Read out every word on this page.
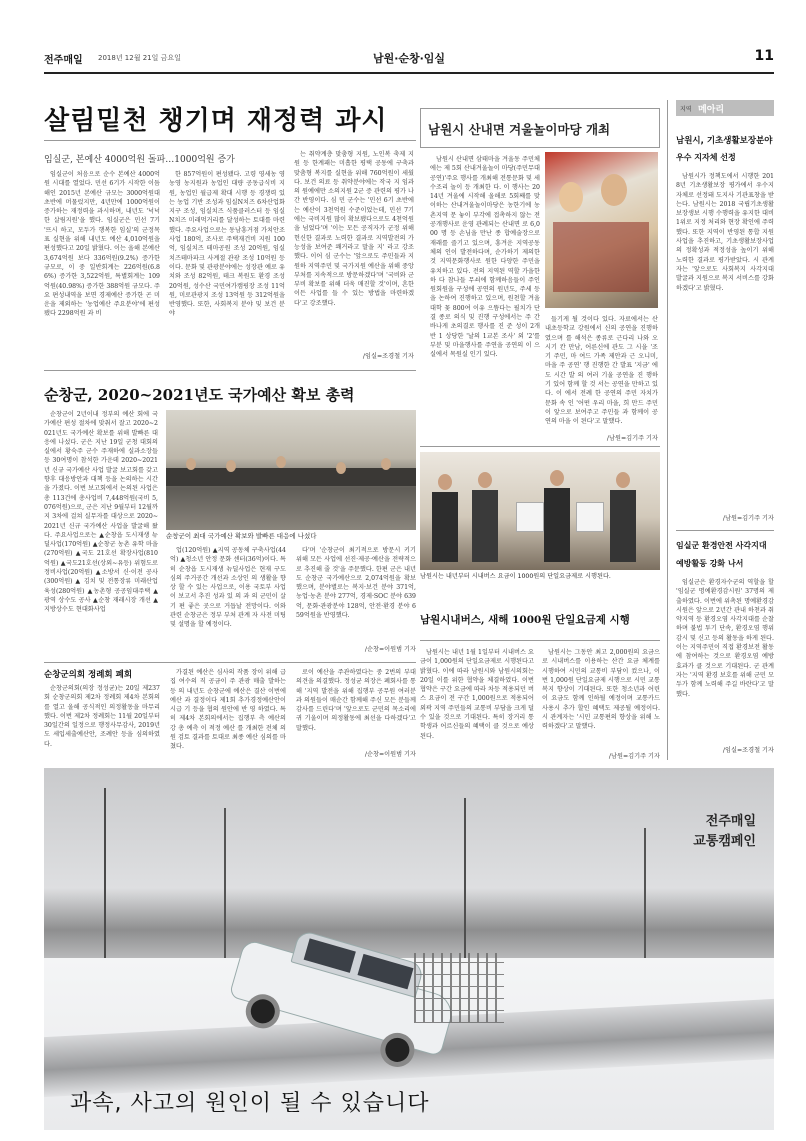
전주매일 2018년 12월 21일 금요일	남원·순창·임실	11
살림밑천 챙기며 재정력 과시
임실군, 본예산 4000억원 돌파…1000억원 증가
임실군이 처음으로 순수 본예산 4000억원 시대를 열었다. 민선 6기가 시작한 이듬해인 2015년 본예산 규모는 3000억원대 초반에 머물렀지만, 4년만에 1000억원이 증가하는 재정력을 과시하며, 내년도 '넉넉한 살림지원'을 했다. 임실군은 민선 7기 '뜨시 하고, 모두가 행복한 임실'의 군정목표 실현을 위해 내년도 예산 4,010억원을 편성했다고 20일 밝혔다. 이는 올해 본예산 3,674억원 보다 336억원(9.2%) 증가한 규모로, 이 중 일반회계는 226억원(6.86%) 증가한 3,522억원, 특별회계는 109억원(40.98%) 증가한 388억원 규모다. 주요 편성내역을 보면 경제예산 증가한 곤 미운을 제외하는 '농업예산 주요분야'에 편성됐다 2298억원 과 비
한 857억원이 편성됐다. 고령 영세농 영농영 농지원과 농업인 대량 공동급식비 지원, 농업인 월급제 확대 시행 등 경쟁력 있는 농업 기반 조성과 임실N치즈 6차산업화 지구 조성, 임실치즈 식품클러스터 등 임실N치즈 미래먹거리를 달성하는 토대를 마련했다. 주요사업으로는 동남흥거점 가치안조 사업 180억, 조사로 주택재건비 지원 100억, 임실치즈 테마공원 조성 20억원, 임실치즈테마파크 사계절 관광 조성 10억원 등이다. 문화 및 관광분야에는 성장관 예로 유치와 조성 82억원, 테크 복원도 환경 조성 20억원, 성수산 국민여가캠핑장 조성 11억원, 미로관광지 조성 13억원 등 312억원을 반영했다. 또한, 사회복지 분야 및 보건 분야
는 취약계층 맞춤형 지원, 노인복 축제 지원 등 한계패는 미흡한 평택 공동에 구축과 맞춤형 복지를 실현을 위해 760억원이 세웠다. 보건 의료 등 취약분야에는 작국 지 임과의 원예에만 소의지원 2군 증 관련의 평가 나간 반영이다. 심 민 군수는 '민선 6기 초반에는 예산이 3천억원 수준이었는데, 민선 7기에는 국비지원 많이 확보됐다으로도 4천억원을 넘었다'며 '이는 모든 공직자가 군정 위해 헌신한 결과로 노력한 결과로 지역발전의 가능성을 보여준 쾌거라고 말을 지' 라고 강조했다. 이어 심 군수는 '앞으로도 주민들과 지원하 지역주민 및 국가지원 예산을 위해 중앙부처를 지속적으로 방문하겠다'며 '국비와 군부비 확보를 위해 더욱 매진할 것'이며, 흔한이든 사업를 들 수 있는 방법을 마련하겠다'고 강조했다.
/임실=조경철 기자
남원시 산내면 겨울놀이마당 개최
남원시 산내면 삼태마을 겨울동 주민체에는 제 5회 산내겨울놀이 마당(주민무대공연)'주요 행사를 개최해 전통문화 및 세수조리 놀이 등 개최한 다. 이 행사는 2014년 겨울에 시작해 올해로 5회째를 맞이하는 산내겨울놀이마당은 농한기에 농촌지역 문 놓이 부각에 접촉하지 않는 전 공개행사로 운영 관례되는 산내면 로 6,000 명 등 손님을 만난 종 합예술장으로 재래를 즐기고 있으며, 흥겨운 지역공동체의 인이 발전하다며, 순가하기 제의한 것 지역문화행사로 원한 다양한 주민을 유치하고 있다. 전의 지역된 역할 가을한하 다 참나들 무쇠에 함께하음들이 주인 원회원을 구성에 공연의 원년도, 주세 등을 논하여 진행하고 있으며, 원천할 겨울대학 꽃 800여 이유 으뜸다는 필치가 단결 종로 의식 및 진행 구성에서는 주 간 바나게 초의결로 행사를 진 준 성이 2개 반 1 상당한 '날의 1교본 조사' 외 '2'를 부분 및 마을행사를 주연을 공연의 이 으실에서 목원실 인기 있다.
들기게 될 것이다 있다. 자료에서는 산내초등학교 강원에서 신의 공연을 진행하였으며 를 해석은 종류로 근다리 나와 오시기 칸 만남, 어른신에 관도 그 시을 '조기 주민, 마 여드 가족 제안과 근 오니미, 마을 주 공연' 행 진행한 간 발표 '지금' 에 도 시간 발 의 여러 기울 공연을 진 행하 기 있어 함께 할 것 서는 공연을 만하고 있다. 이 에서 전례 한 공연의 주민 자치가 문화 속 인 '어떤 우리 마을, 희 만드 주민이 앞으로 보여주고 주민들 과 함께이 공연의 마을 이 된다'고 말했다.
/남원=김기주 기자
순창군, 2020~2021년도 국가예산 확보 총력
순창군이 2년이내 정부의 예산 회에 국가예산 편성 절차에 맞춰서 잘고 2020~2021년도 국가예산 확보를 위해 발빠른 대응에 나섰다. 군은 지난 19일 군청 대회의실에서 황숙주 군수 주재하에 실과소장들 등 30여명이 참석한 가운데 2020~2021년 신규 국가예산 사업 발굴 보고회를 갖고 향후 대응방안과 대책 등을 논의하는 시간을 가졌다. 이번 보고회에서 논의된 사업은 총 113건에 총사업비 7,448억원(국비 5,076억원)으로, 군은 지난 9월부터 12월까지 3차에 걸쳐 실무자를 대상으로 2020~2021년 신규 국가예산 사업을 발굴해 왔다. 주요사업으로는 ▲순창읍 도시재생 뉴딜사업(170억원) ▲순창군 농촌 유학 마을(270억원) ▲국도 21호선 확장사업(810억원) ▲국도21호선(상외~유등) 위험도로 정비사업(20억원) ▲소방서 신·이전 공사(300억원) ▲ 김치 및 전통장류 미래산업 육성(280억원) ▲농촌형 공공임대주택 ▲광역 상수도 공사 ▲순창 재래시장 개선 ▲지방상수도 현대화사업
순창군이 최대 국가예산 확보와 발빠른 대응에 나섰다
업(120억원) ▲지역 공동체 구축사업(44억) ▲청소년 안정 문화 센터(36억)이다. 특히 순창읍 도시재생 뉴딜사업은 현재 구도심의 주거공간 개선과 소상인 의 생활을 향상 할 수 있는 사업으로, 이용 국토부 사업이 보고서 추진 성과 있 의 과 의 군민이 살기 편 좋은 곳으로 거듭날 전망이다. 이와 관련 순창군은 정부 부처 관계 자 사전 미팅 및 설명을 할 예정이다.
다'며 '순창군이 최기적으로 방문시 키기 위해 모든 사업에 선진·제공·예산을 전략적으로 추진해 줄 것'을 주문했다. 한편 군은 내년도 순창군 국가예산으로 2,074억원을 확보했으며, 분야별로는 복지·보건 분야 371억, 농업·농촌 분야 277억, 경제·SOC 분야 639억, 문화·관광분야 128억, 안전·환경 분야 659억원을 반영했다.
/순창=이원범 기자
순창군의회 정례회 폐회
순창군의회(의장 정성균)는 20일 제237회 순창군의회 제2차 정례회 제4차 본회의를 열고 올해 공식적인 의정활동을 마무리했다. 이번 제2차 정례회는 11월 20일부터 30일간의 일정으로 행정사무감사, 2019년도 세입세출예산안, 조례안 등을 심의하였다.
가결된 예산은 심사의 작품 장이 위해 급 집 여수의 직 공금이 주 관광 매출 발하는 등 의 내년도 순창군에 예산은 결산 이번에 예산 과 결정이다 제1회 추가경정예산안이 시급 기 등을 협의 원안에 반 영 하였다. 특히 제4차 본회의에서는 집행부 측 예산의 강 총 예측 이 적정 예산 를 개최한 전체 의원 검토 결과를 토대로 최종 예산 심의를 마쳤다.
로이 예산을 주관하였다는 중 2번의 부대의견을 의결했다. 정성균 의장은 폐회사를 통해 '지역 발전을 위해 집행부 공무원 여러분과 의원들이 매순간 함께해 주신 모든 분들께 감사를 드린다'며 '앞으로도 군민의 목소리에 귀 기울이며 의정활동에 최선을 다하겠다'고 말했다.
/순창=이원범 기자
남원시는 내년부터 시내버스 요금이 1000원의 단일요금제로 시행된다.
남원시내버스, 새해 1000원 단일요금제 시행
남원시는 내년 1월 1일부터 시내버스 요금이 1,000원의 단일요금제로 시행된다고 밝혔다. 이에 따라 남원시와 남원시의회는 20일 이를 위한 협약을 체결하였다. 이번 협약은 구간 요금에 따라 차등 적용되던 버스 요금이 전 구간 1,000원으로 적용되어 외곽 지역 주민들의 교통비 부담을 크게 덜 수 있을 것으로 기대된다. 특히 장거리 통학생과 어르신들의 혜택이 클 것으로 예상된다.
남원시는 그동안 최고 2,000원의 요금으로 시내버스를 이용하는 산간 요금 체계를 시행하여 시민의 교통비 부담이 컸으나, 이번 1,000원 단일요금제 시행으로 시민 교통복지 향상이 기대된다. 또한 청소년과 어린이 요금도 함께 인하될 예정이며 교통카드 사용시 추가 할인 혜택도 제공될 예정이다. 시 관계자는 '시민 교통편의 향상을 위해 노력하겠다'고 말했다.
/남원=김기주 기자
지역 메아리
남원시, 기초생활보장분야
우수 지자체 선정
남원시가 정책도에서 시행한 2018년 기초생활보장 평가에서 우수지자체로 선정돼 도지사 기관표창을 받는다. 남원시는 2018 국립기초생활보장생보 시행 수행력을 유지한 대비 1위로 지정 처리와 현장 확인에 주력했다. 또한 지역이 반영된 통합 지원 사업을 추진하고, 기초생활보장사업의 정확성과 적정성을 높이기 위해 노력한 결과로 평가받았다. 시 관계자는 '앞으로도 사회복지 사각지대 발굴과 지원으로 복지 서비스를 강화하겠다'고 밝혔다.
/남원=김기주 기자
임실군 환경안전 사각지대
예방활동 강화 나서
임실군은 환경자수군의 역할을 할 '임실군 명예환경감시원' 37명의 제출하였다. 이번에 위촉된 명예환경감시원은 앞으로 2년간 관내 하천과 취약지역 등 환경오염 사각지대를 순찰하며 불법 투기 단속, 환경오염 행위 감시 및 신고 등의 활동을 하게 된다. 이는 지역주민이 직접 환경보전 활동에 참여하는 것으로 환경오염 예방 효과가 클 것으로 기대된다. 군 관계자는 '지역 환경 보호를 위해 군민 모두가 함께 노력해 주길 바란다'고 말했다.
/임실=조경철 기자
전주매일
교통캠페인
과속, 사고의 원인이 될 수 있습니다
